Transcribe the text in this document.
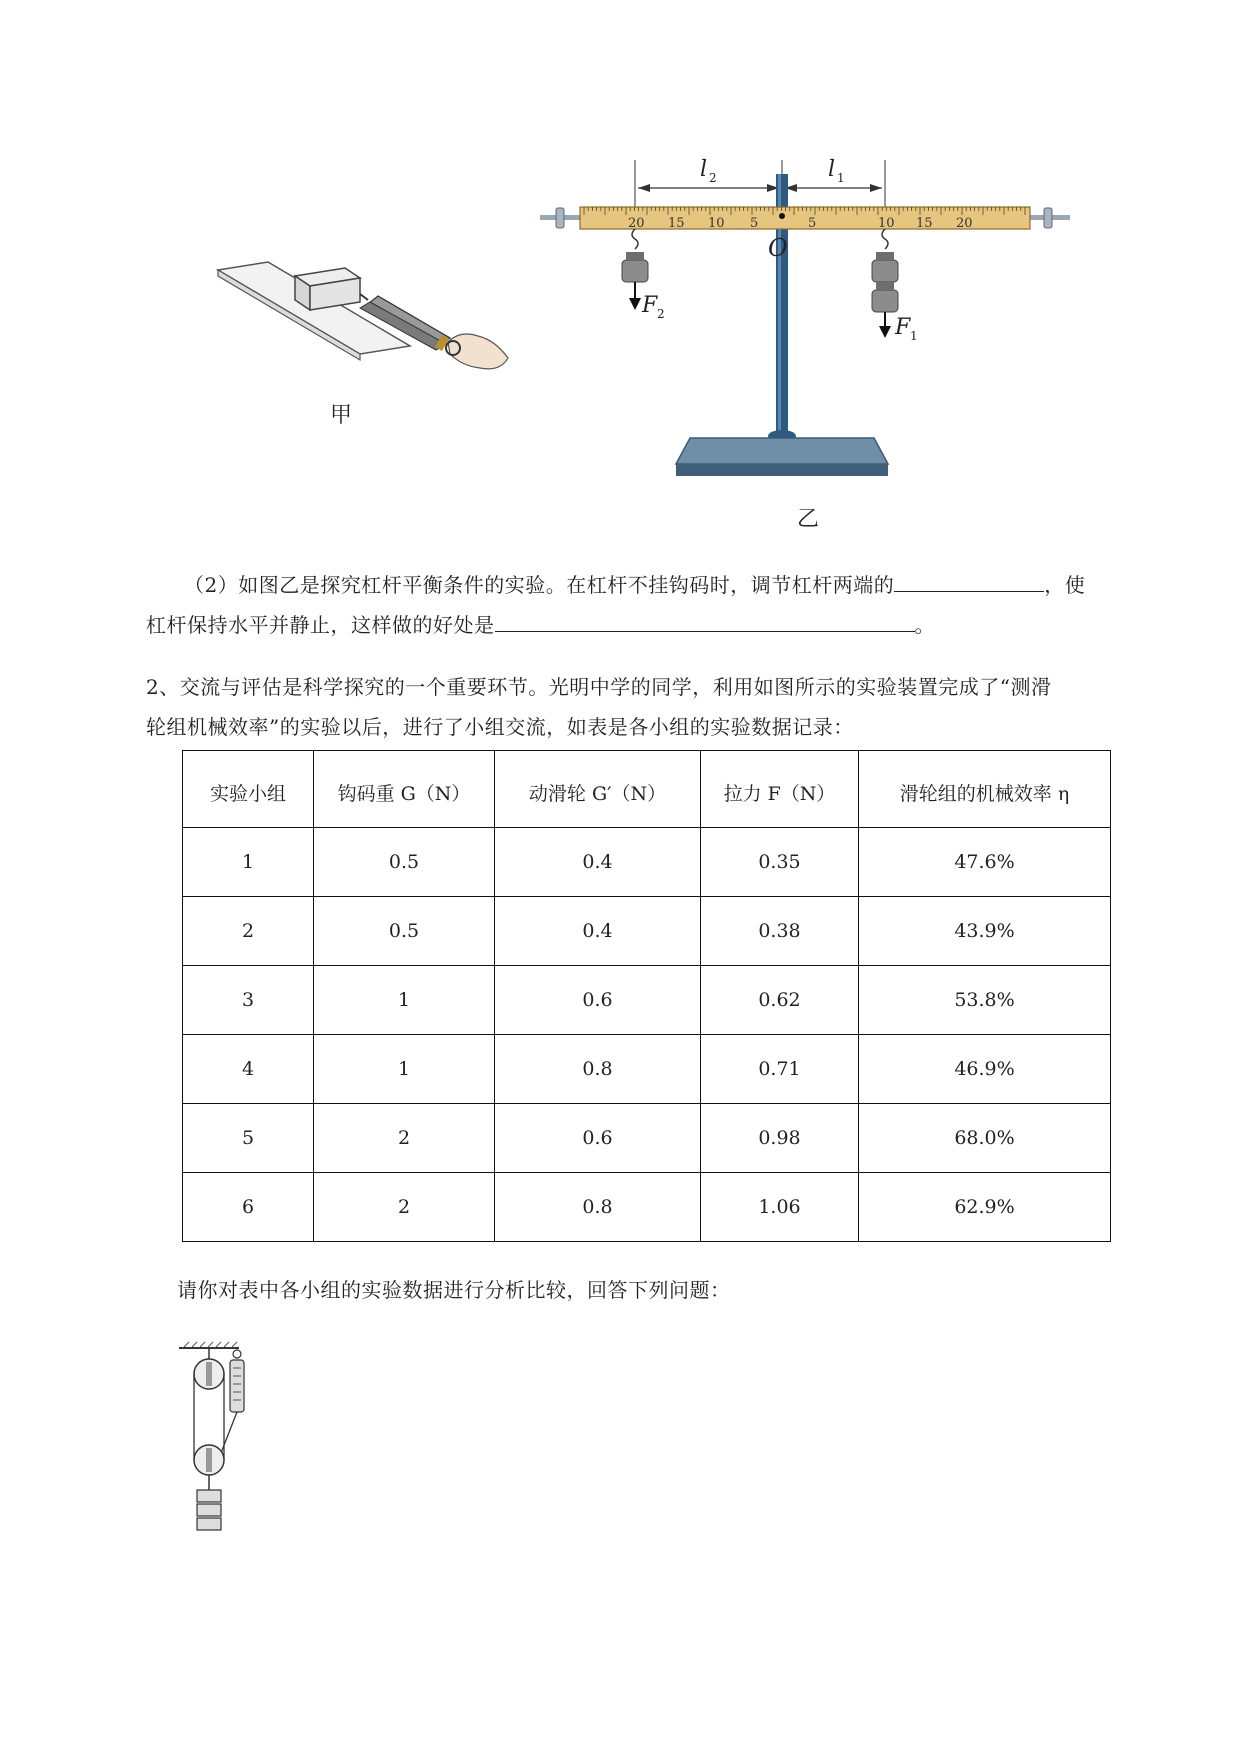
甲
l 2	l 1
20 15 10 5	5	10 15 20
O
F 2
F 1
乙
（2）如图乙是探究杠杆平衡条件的实验。在杠杆不挂钩码时，调节杠杆两端的	，使
杠杆保持水平并静止，这样做的好处是	。
2、交流与评估是科学探究的一个重要环节。光明中学的同学，利用如图所示的实验装置完成了“测滑
轮组机械效率”的实验以后，进行了小组交流，如表是各小组的实验数据记录：
实验小组	钩码重 G（N）	动滑轮 G′（N）	拉力 F（N）	滑轮组的机械效率 η
1	0.5	0.4	0.35	47.6%
2	0.5	0.4	0.38	43.9%
3	1	0.6	0.62	53.8%
4	1	0.8	0.71	46.9%
5	2	0.6	0.98	68.0%
6	2	0.8	1.06	62.9%
请你对表中各小组的实验数据进行分析比较，回答下列问题：
